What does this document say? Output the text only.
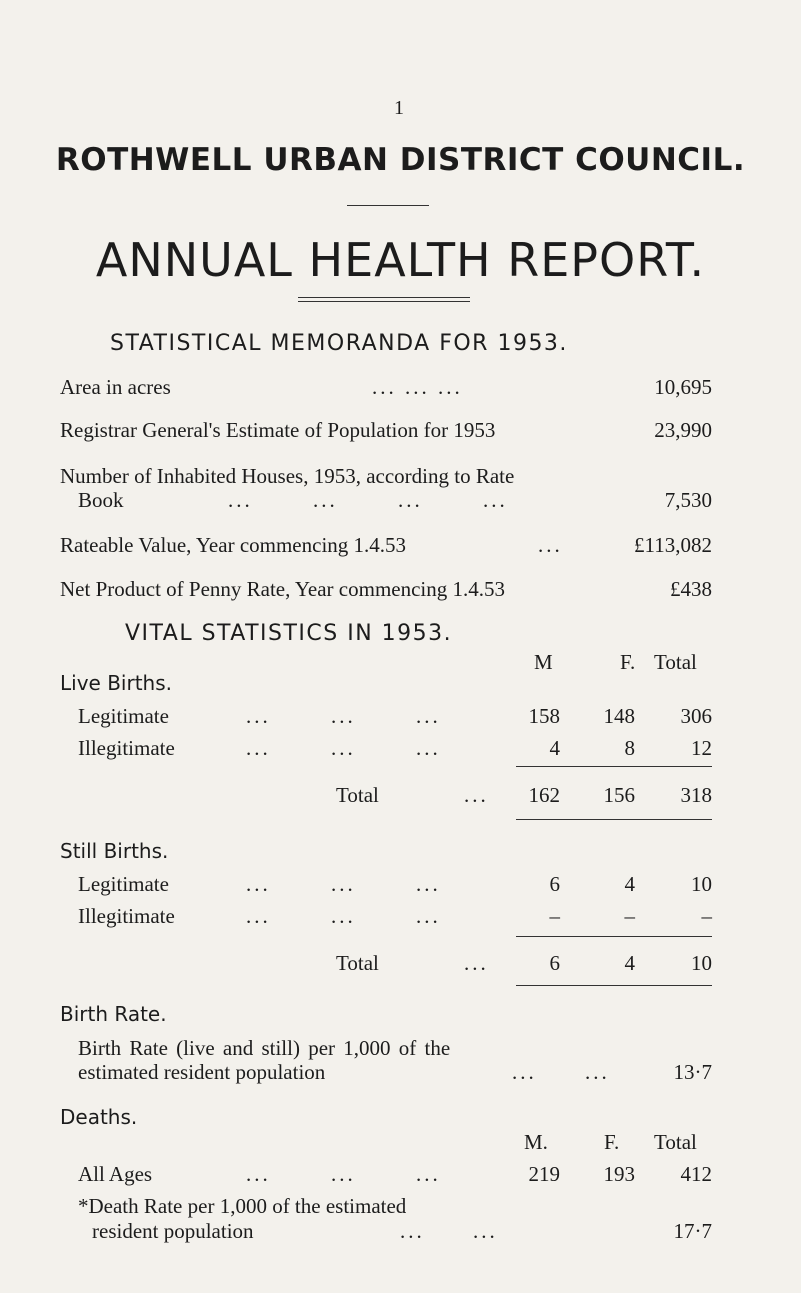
1
ROTHWELL URBAN DISTRICT COUNCIL.
ANNUAL HEALTH REPORT.
STATISTICAL MEMORANDA FOR 1953.
Area in acres	... ... ...	10,695
Registrar General's Estimate of Population for 1953	23,990
Number of Inhabited Houses, 1953, according to Rate
Book	... ... ... ...	7,530
Rateable Value, Year commencing 1.4.53	...	£113,082
Net Product of Penny Rate, Year commencing 1.4.53	£438
VITAL STATISTICS IN 1953.
M	F. Total
Live Births.
Legitimate	... ... ...	158	148	306
Illegitimate	... ... ...	4	8	12
Total	...	162	156	318
Still Births.
Legitimate	... ... ...	6	4	10
Illegitimate	... ... ...	–	–	–
Total	...	6	4	10
Birth Rate.
Birth Rate (live and still) per 1,000 of the
estimated resident population	... ...	13·7
Deaths.
M.	F. Total
All Ages	... ... ...	219	193	412
*Death Rate per 1,000 of the estimated
resident population	... ...	17·7
